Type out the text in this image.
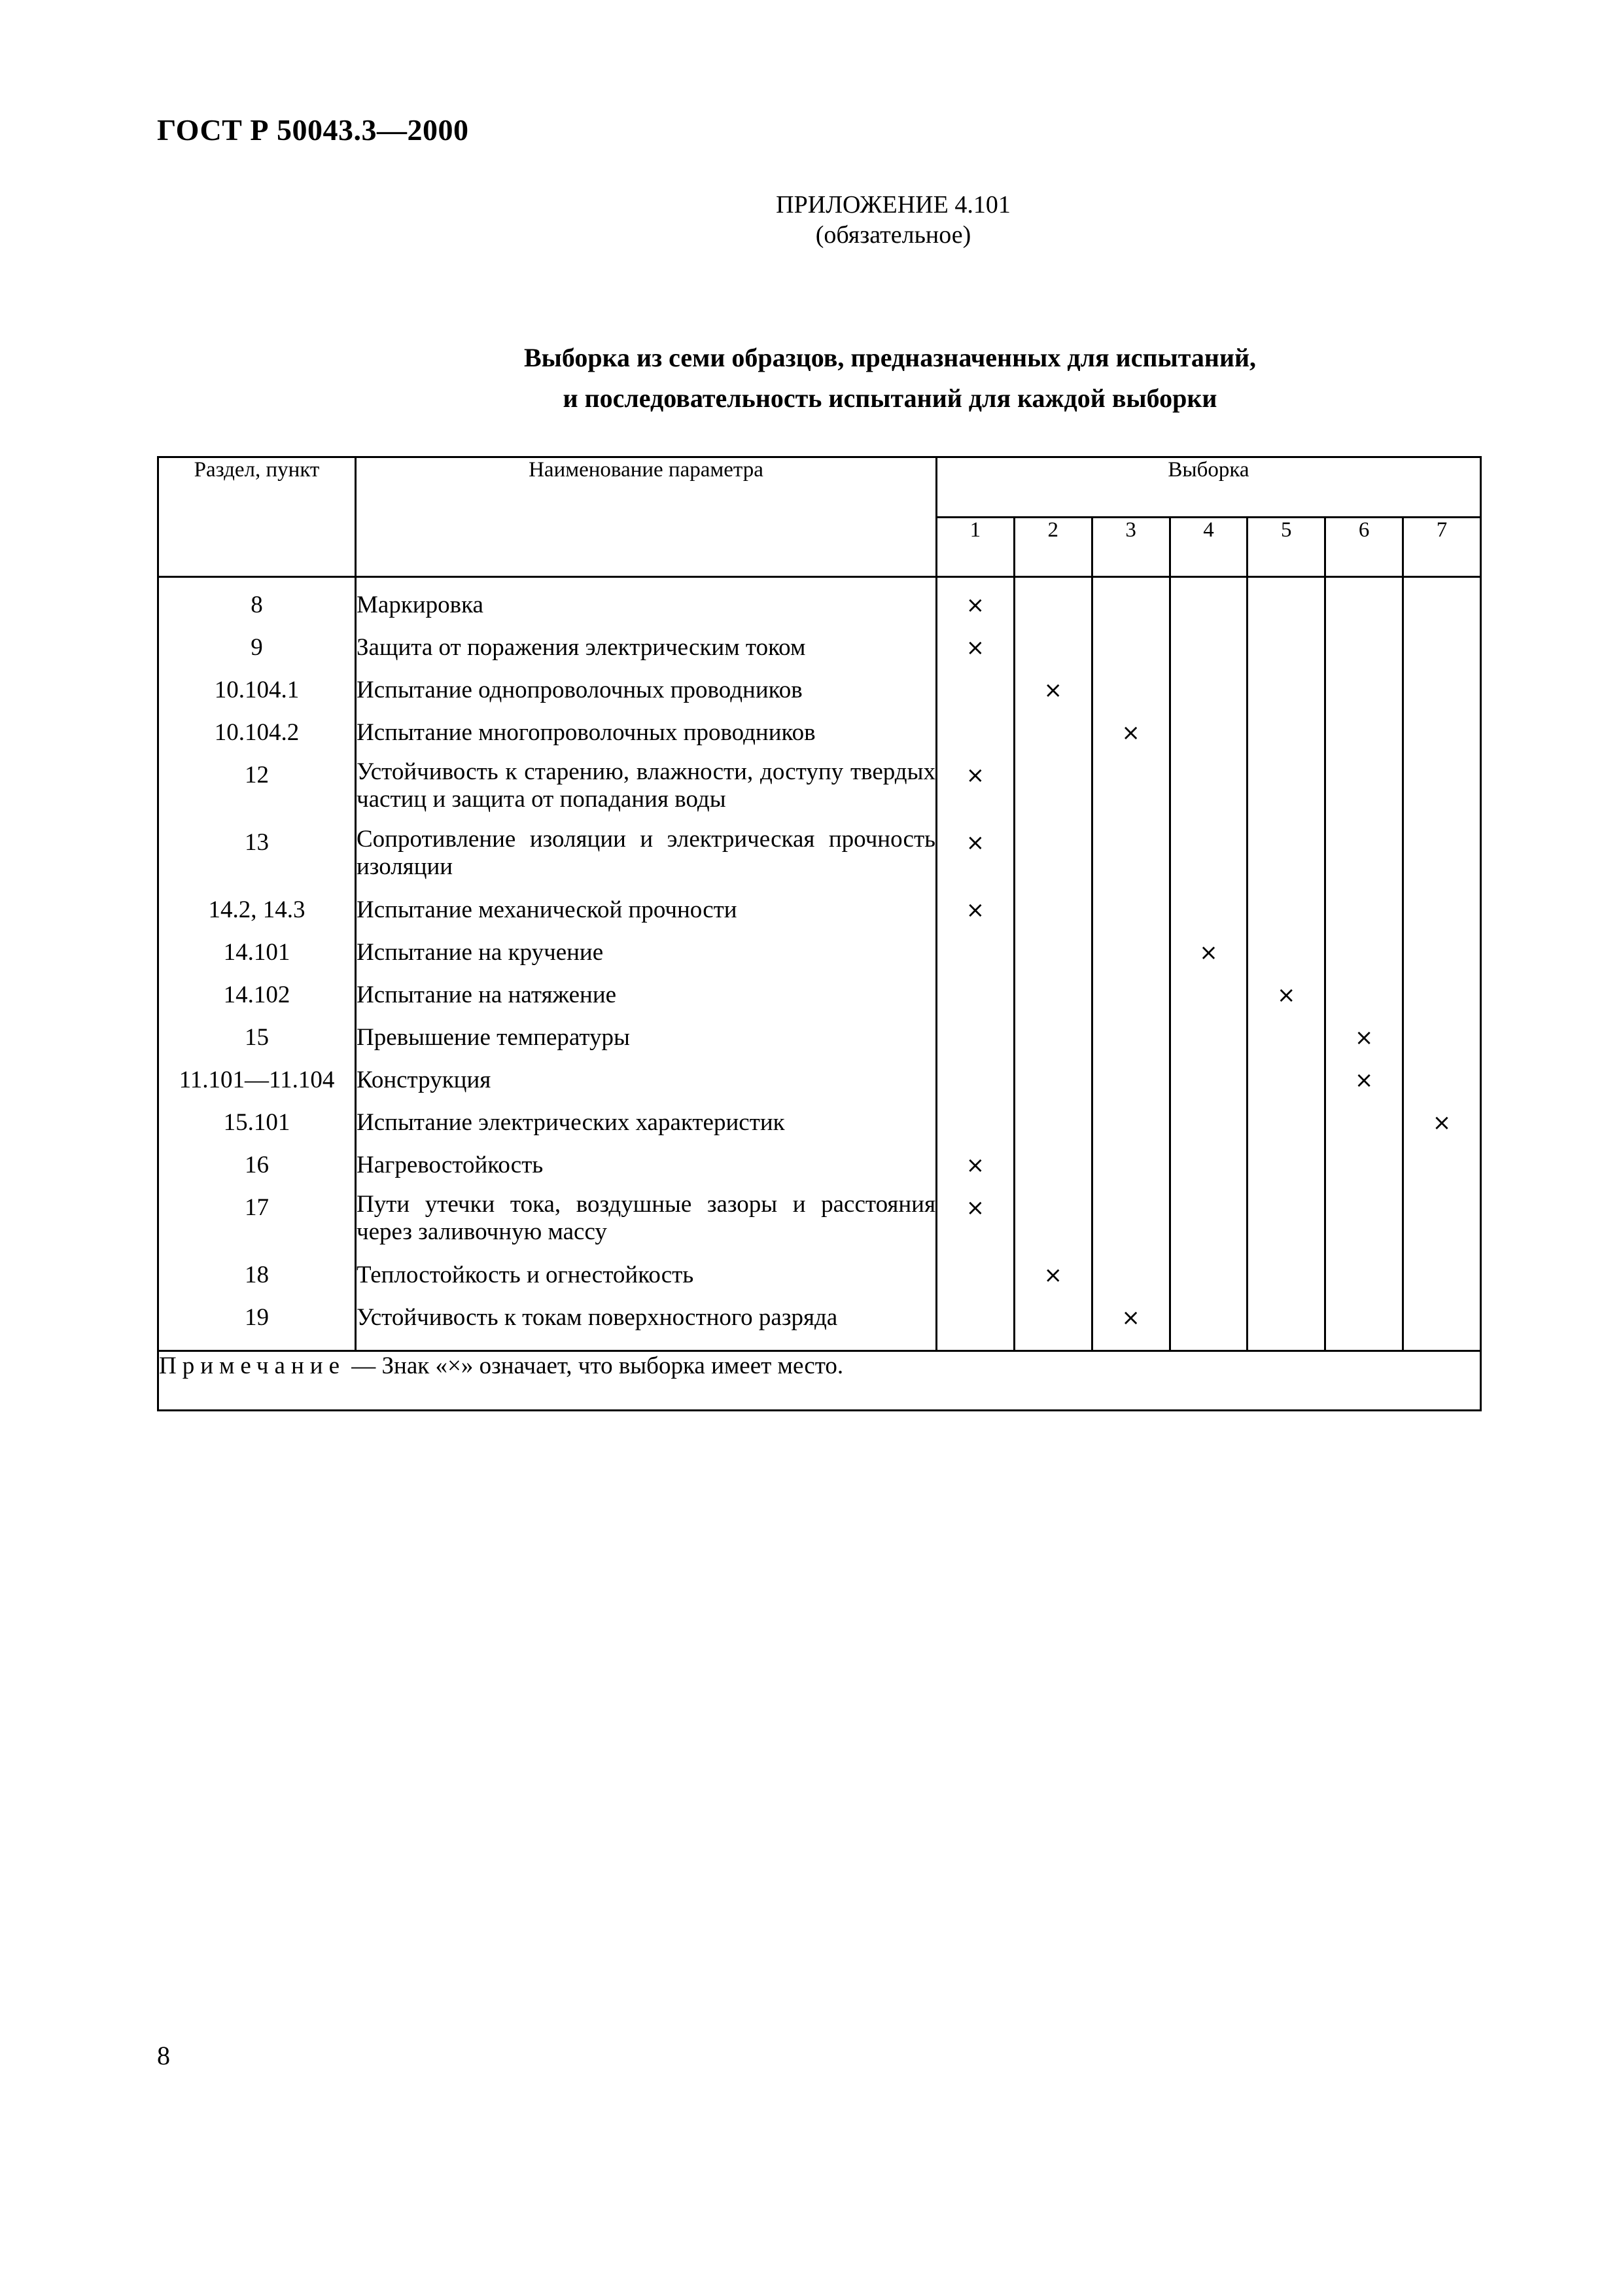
ГОСТ Р 50043.3—2000
ПРИЛОЖЕНИЕ 4.101
(обязательное)
Выборка из семи образцов, предназначенных для испытаний,
и последовательность испытаний для каждой выборки
Раздел, пункт	Наименование параметра	Выборка						
		1	2	3	4	5	6	7

8	Маркировка	×						
9	Защита от поражения электрическим током	×						
10.104.1	Испытание однопроволочных проводников		×					
10.104.2	Испытание многопроволочных проводников			×				
12	Устойчивость к старению, влажности, доступу твердых частиц и защита от попадания воды	×						
13	Сопротивление изоляции и электрическая прочность изоляции	×						
14.2, 14.3	Испытание механической прочности	×						
14.101	Испытание на кручение				×			
14.102	Испытание на натяжение					×		
15	Превышение температуры						×	
11.101—11.104	Конструкция						×	
15.101	Испытание электрических характеристик							×
16	Нагревостойкость	×						
17	Пути утечки тока, воздушные зазоры и расстояния через заливочную массу	×						
18	Теплостойкость и огнестойкость		×					
19	Устойчивость к токам поверхностного разряда			×				
Примечание — Знак «×» означает, что выборка имеет место.								
8
